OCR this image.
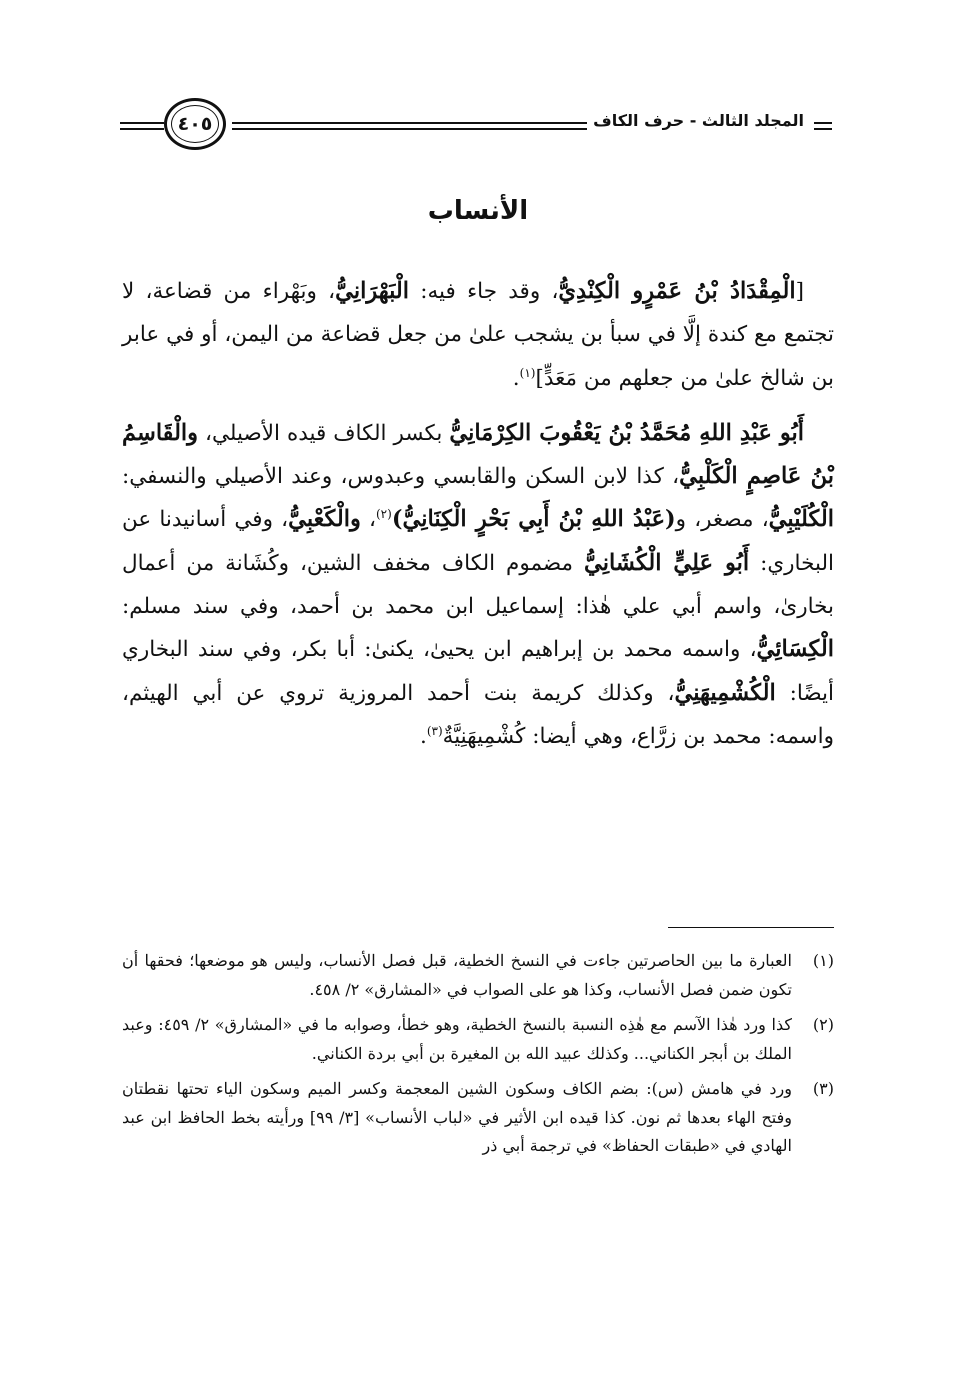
المجلد الثالث - حرف الكاف
٤٠٥
الأنساب

[الْمِقْدَادُ بْنُ عَمْرٍو الْكِنْدِيُّ، وقد جاء فيه: الْبَهْرَانِيُّ، وبَهْراء من قضاعة، لا تجتمع مع كندة إلَّا في سبأ بن يشجب علىٰ من جعل قضاعة من اليمن، أو في عابر بن شالخ علىٰ من جعلهم من مَعَدٍّ]$^{(١)}$.

أَبُو عَبْدِ اللهِ مُحَمَّدُ بْنُ يَعْقُوبَ الكِرْمَانِيُّ بكسر الكاف قيده الأصيلي، والْقَاسِمُ بْنُ عَاصِمٍ الْكَلْبِيُّ، كذا لابن السكن والقابسي وعبدوس، وعند الأصيلي والنسفي: الْكُلَيْبِيُّ، مصغر، و(عَبْدُ اللهِ بْنُ أَبِي بَحْرٍ الْكِنَانِيُّ)$^{(٢)}$، والْكَعْبِيُّ، وفي أسانيدنا عن البخاري: أَبُو عَلِيٍّ الْكُشَانِيُّ مضموم الكاف مخفف الشين، وكُشَانة من أعمال بخارىٰ، واسم أبي علي هٰذا: إسماعيل ابن محمد بن أحمد، وفي سند مسلم: الْكِسَائِيُّ، واسمه محمد بن إبراهيم ابن يحيىٰ، يكنىٰ: أبا بكر، وفي سند البخاري أيضًا: الْكُشْمِيهَنِيُّ، وكذلك كريمة بنت أحمد المروزية تروي عن أبي الهيثم، واسمه: محمد بن زرَّاع، وهي أيضا: كُشْمِيهَنِيَّةٌ$^{(٣)}$.

(١)
العبارة ما بين الحاصرتين جاءت في النسخ الخطية، قبل فصل الأنساب، وليس هو موضعها؛ فحقها أن تكون ضمن فصل الأنساب، وكذا هو على الصواب في «المشارق» ٢/ ٤٥٨.
(٢)
كذا ورد هٰذا الآسم مع هٰذِه النسبة بالنسخ الخطية، وهو خطأ، وصوابه ما في «المشارق» ٢/ ٤٥٩: وعبد الملك بن أبجر الكناني... وكذلك عبيد الله بن المغيرة بن أبي بردة الكناني.
(٣)
ورد في هامش (س): بضم الكاف وسكون الشين المعجمة وكسر الميم وسكون الياء تحتها نقطتان وفتح الهاء بعدها ثم نون. كذا قيده ابن الأثير في «لباب الأنساب» [٣/ ٩٩] ورأيته بخط الحافظ ابن عبد الهادي في «طبقات الحفاظ» في ترجمة أبي ذر
